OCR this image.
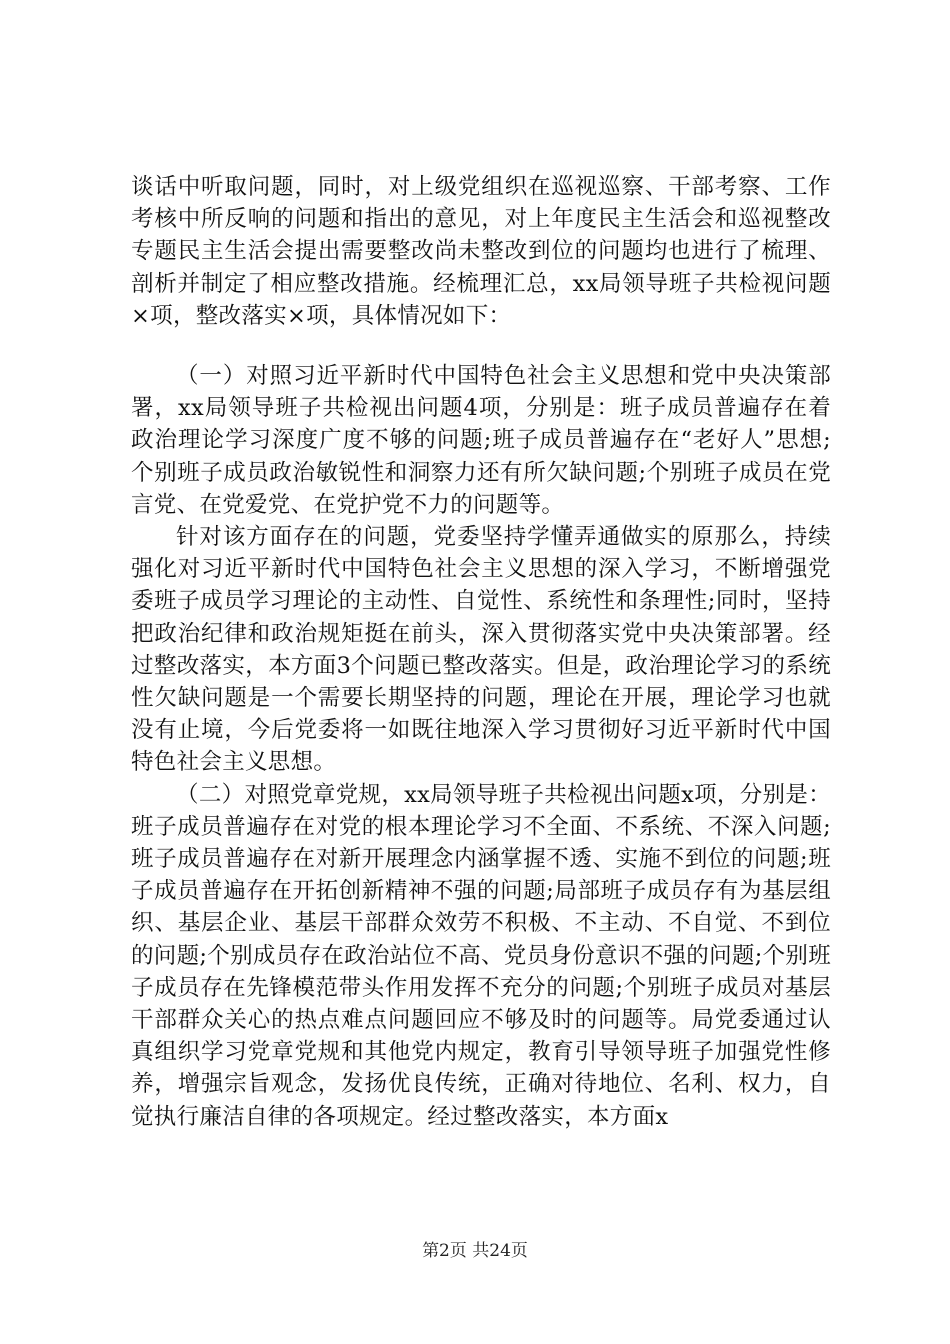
谈话中听取问题，同时，对上级党组织在巡视巡察、干部考察、工作考核中所反响的问题和指出的意见，对上年度民主生活会和巡视整改专题民主生活会提出需要整改尚未整改到位的问题均也进行了梳理、剖析并制定了相应整改措施。经梳理汇总，xx局领导班子共检视问题×项，整改落实×项，具体情况如下：

（一）对照习近平新时代中国特色社会主义思想和党中央决策部署，xx局领导班子共检视出问题4项，分别是：班子成员普遍存在着政治理论学习深度广度不够的问题;班子成员普遍存在“老好人”思想;个别班子成员政治敏锐性和洞察力还有所欠缺问题;个别班子成员在党言党、在党爱党、在党护党不力的问题等。

针对该方面存在的问题，党委坚持学懂弄通做实的原那么，持续强化对习近平新时代中国特色社会主义思想的深入学习，不断增强党委班子成员学习理论的主动性、自觉性、系统性和条理性;同时，坚持把政治纪律和政治规矩挺在前头，深入贯彻落实党中央决策部署。经过整改落实，本方面3个问题已整改落实。但是，政治理论学习的系统性欠缺问题是一个需要长期坚持的问题，理论在开展，理论学习也就没有止境，今后党委将一如既往地深入学习贯彻好习近平新时代中国特色社会主义思想。

（二）对照党章党规，xx局领导班子共检视出问题x项，分别是：班子成员普遍存在对党的根本理论学习不全面、不系统、不深入问题;班子成员普遍存在对新开展理念内涵掌握不透、实施不到位的问题;班子成员普遍存在开拓创新精神不强的问题;局部班子成员存有为基层组织、基层企业、基层干部群众效劳不积极、不主动、不自觉、不到位的问题;个别成员存在政治站位不高、党员身份意识不强的问题;个别班子成员存在先锋模范带头作用发挥不充分的问题;个别班子成员对基层干部群众关心的热点难点问题回应不够及时的问题等。局党委通过认真组织学习党章党规和其他党内规定，教育引导领导班子加强党性修养，增强宗旨观念，发扬优良传统，正确对待地位、名利、权力，自觉执行廉洁自律的各项规定。经过整改落实，本方面x

第2页 共24页
